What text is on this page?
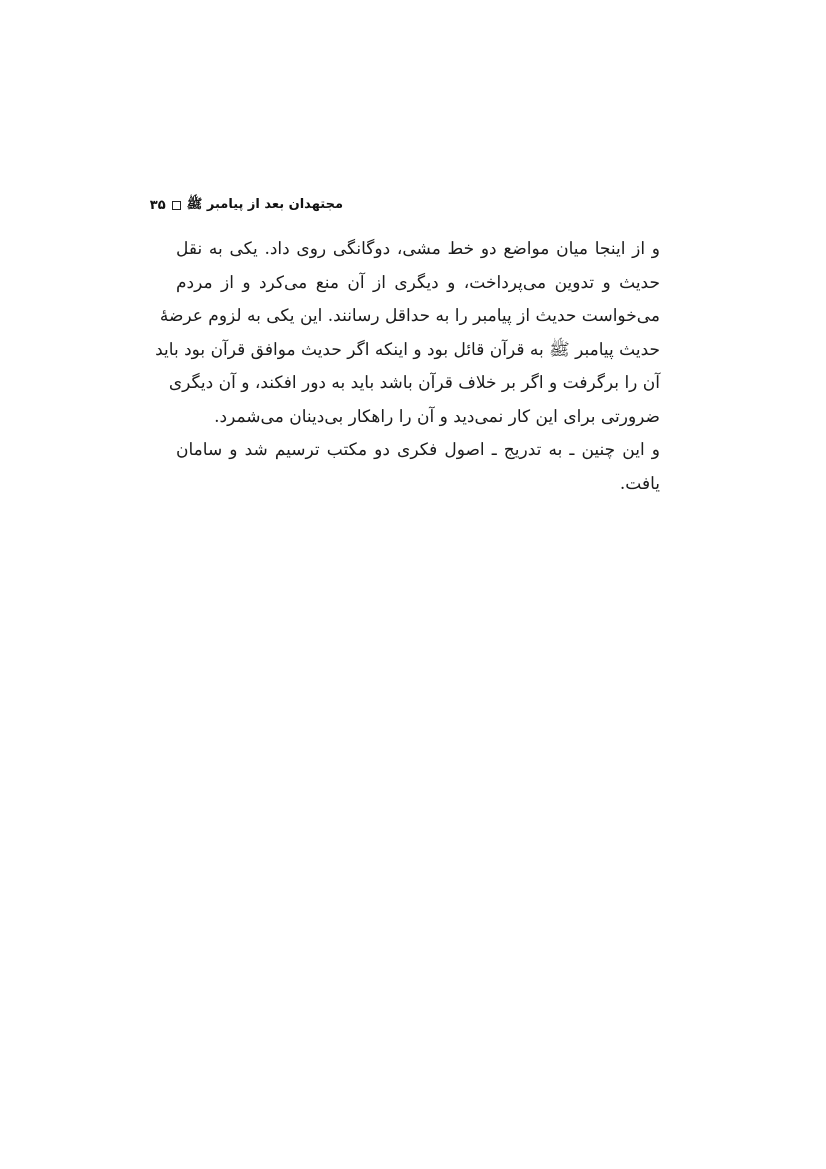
مجتهدان بعد از پیامبر ﷺ
۳۵
و از اینجا میان مواضع دو خط مشی، دوگانگی روی داد. یکی به نقل
حدیث و تدوین می‌پرداخت، و دیگری از آن منع می‌کرد و از مردم
می‌خواست حدیث از پیامبر را به حداقل رسانند. این یکی به لزوم عرضهٔ
حدیث پیامبر ﷺ به قرآن قائل بود و اینکه اگر حدیث موافق قرآن بود باید
آن را برگرفت و اگر بر خلاف قرآن باشد باید به دور افکند، و آن دیگری
ضرورتی برای این کار نمی‌دید و آن را راهکار بی‌دینان می‌شمرد.
و این چنین ـ به تدریج ـ اصول فکری دو مکتب ترسیم شد و سامان
یافت.
